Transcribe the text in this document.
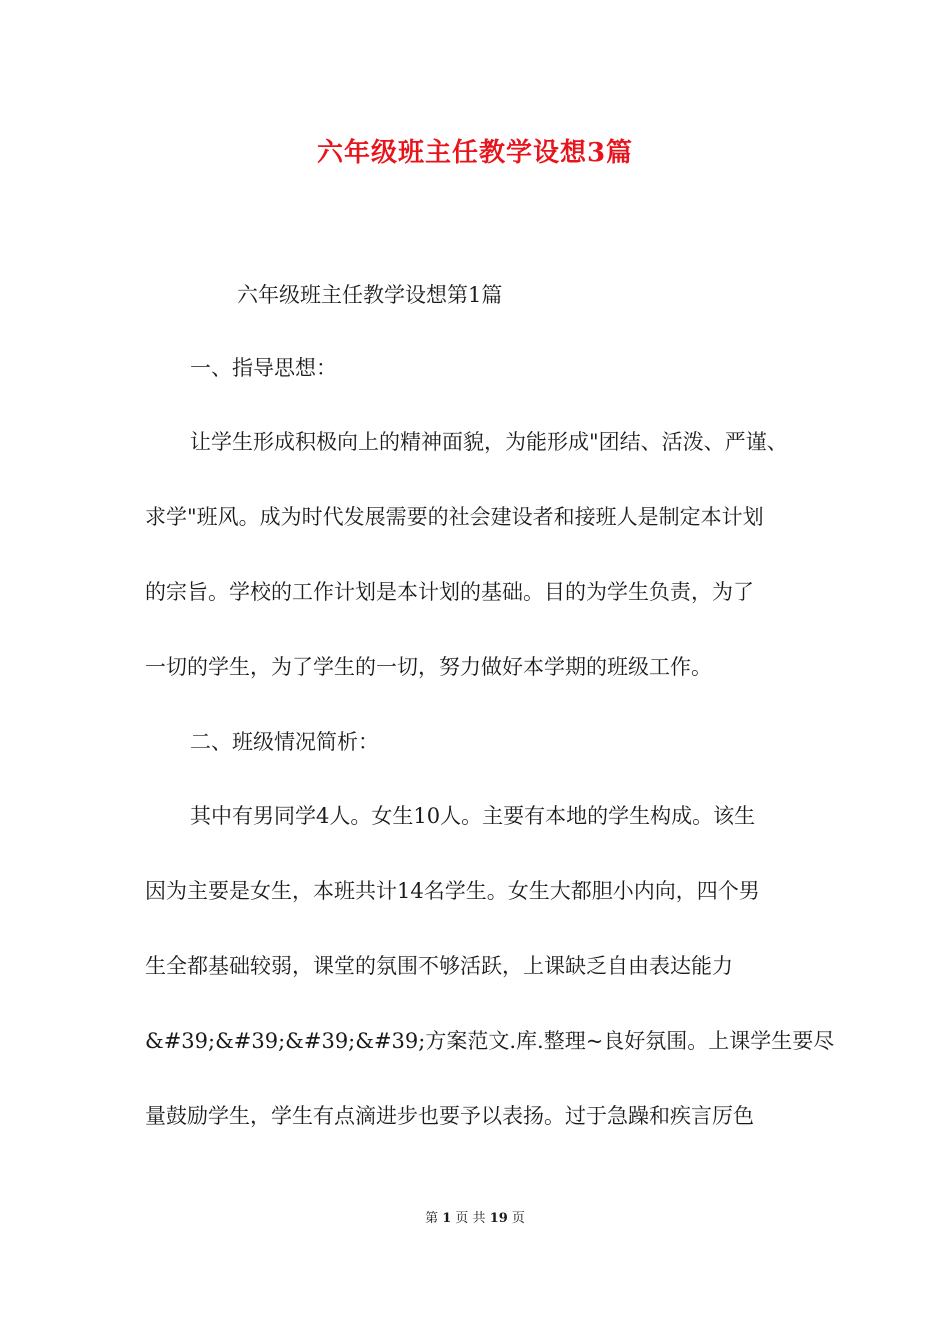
六年级班主任教学设想3篇
六年级班主任教学设想第1篇
一、指导思想：
让学生形成积极向上的精神面貌，为能形成"团结、活泼、严谨、
求学"班风。成为时代发展需要的社会建设者和接班人是制定本计划
的宗旨。学校的工作计划是本计划的基础。目的为学生负责，为了
一切的学生，为了学生的一切，努力做好本学期的班级工作。
二、班级情况简析：
其中有男同学4人。女生10人。主要有本地的学生构成。该生
因为主要是女生，本班共计14名学生。女生大都胆小内向，四个男
生全都基础较弱，课堂的氛围不够活跃，上课缺乏自由表达能力
&#39;&#39;&#39;&#39;方案范文.库.整理~良好氛围。上课学生要尽
量鼓励学生，学生有点滴进步也要予以表扬。过于急躁和疾言厉色
第 1 页 共 19 页
